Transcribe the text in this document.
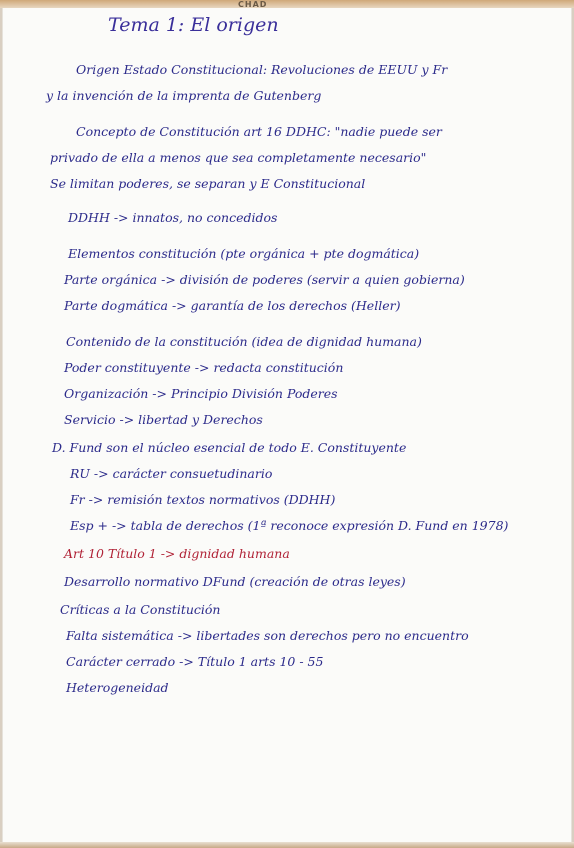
CHAD
Tema 1: El origen
Origen Estado Constitucional: Revoluciones de EEUU y Fr
y la invención de la imprenta de Gutenberg
Concepto de Constitución art 16 DDHC: "nadie puede ser
privado de ella a menos que sea completamente necesario"
Se limitan poderes, se separan y E Constitucional
DDHH -> innatos, no concedidos
Elementos constitución (pte orgánica + pte dogmática)
Parte orgánica -> división de poderes (servir a quien gobierna)
Parte dogmática -> garantía de los derechos (Heller)
Contenido de la constitución (idea de dignidad humana)
Poder constituyente -> redacta constitución
Organización -> Principio División Poderes
Servicio -> libertad y Derechos
D. Fund son el núcleo esencial de todo E. Constituyente
RU -> carácter consuetudinario
Fr -> remisión textos normativos (DDHH)
Esp + -> tabla de derechos (1ª reconoce expresión D. Fund en 1978)
Art 10 Título 1 -> dignidad humana
Desarrollo normativo DFund (creación de otras leyes)
Críticas a la Constitución
Falta sistemática -> libertades son derechos pero no encuentro
Carácter cerrado -> Título 1 arts 10 - 55
Heterogeneidad
